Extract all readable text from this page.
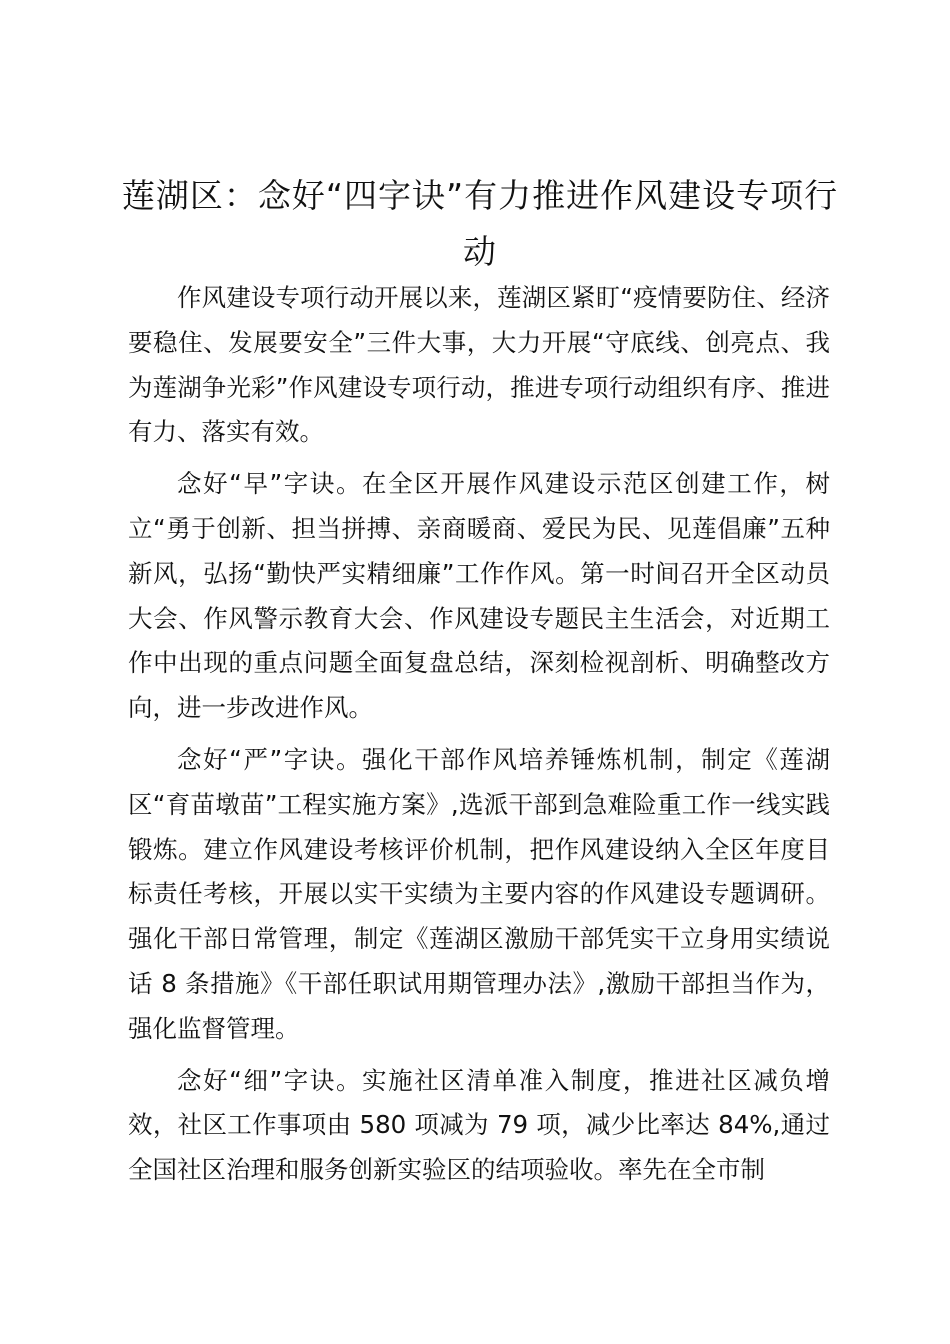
莲湖区：念好“四字诀”有力推进作风建设专项行动

作风建设专项行动开展以来，莲湖区紧盯“疫情要防住、经济要稳住、发展要安全”三件大事，大力开展“守底线、创亮点、我为莲湖争光彩”作风建设专项行动，推进专项行动组织有序、推进有力、落实有效。

念好“早”字诀。在全区开展作风建设示范区创建工作，树立“勇于创新、担当拼搏、亲商暖商、爱民为民、见莲倡廉”五种新风，弘扬“勤快严实精细廉”工作作风。第一时间召开全区动员大会、作风警示教育大会、作风建设专题民主生活会，对近期工作中出现的重点问题全面复盘总结，深刻检视剖析、明确整改方向，进一步改进作风。

念好“严”字诀。强化干部作风培养锤炼机制，制定《莲湖区“育苗墩苗”工程实施方案》,选派干部到急难险重工作一线实践锻炼。建立作风建设考核评价机制，把作风建设纳入全区年度目标责任考核，开展以实干实绩为主要内容的作风建设专题调研。强化干部日常管理，制定《莲湖区激励干部凭实干立身用实绩说话 8 条措施》《干部任职试用期管理办法》,激励干部担当作为，强化监督管理。

念好“细”字诀。实施社区清单准入制度，推进社区减负增效，社区工作事项由 580 项减为 79 项，减少比率达 84%,通过全国社区治理和服务创新实验区的结项验收。率先在全市制
